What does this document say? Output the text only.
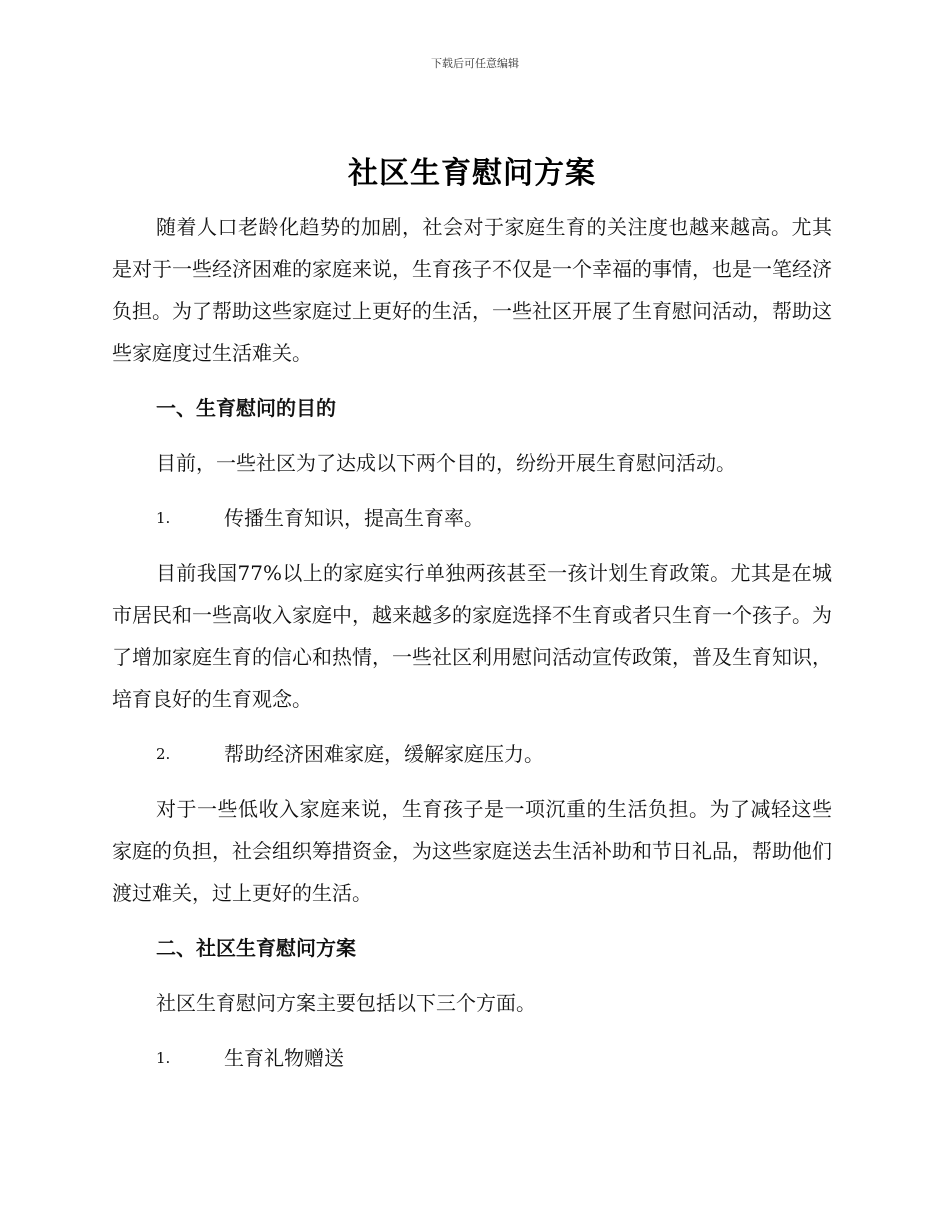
下载后可任意编辑
社区生育慰问方案

随着人口老龄化趋势的加剧，社会对于家庭生育的关注度也越来越高。尤其是对于一些经济困难的家庭来说，生育孩子不仅是一个幸福的事情，也是一笔经济负担。为了帮助这些家庭过上更好的生活，一些社区开展了生育慰问活动，帮助这些家庭度过生活难关。

一、生育慰问的目的

目前，一些社区为了达成以下两个目的，纷纷开展生育慰问活动。

1.	传播生育知识，提高生育率。

目前我国77%以上的家庭实行单独两孩甚至一孩计划生育政策。尤其是在城市居民和一些高收入家庭中，越来越多的家庭选择不生育或者只生育一个孩子。为了增加家庭生育的信心和热情，一些社区利用慰问活动宣传政策，普及生育知识，培育良好的生育观念。

2.	帮助经济困难家庭，缓解家庭压力。

对于一些低收入家庭来说，生育孩子是一项沉重的生活负担。为了减轻这些家庭的负担，社会组织筹措资金，为这些家庭送去生活补助和节日礼品，帮助他们渡过难关，过上更好的生活。

二、社区生育慰问方案

社区生育慰问方案主要包括以下三个方面。

1.	生育礼物赠送
